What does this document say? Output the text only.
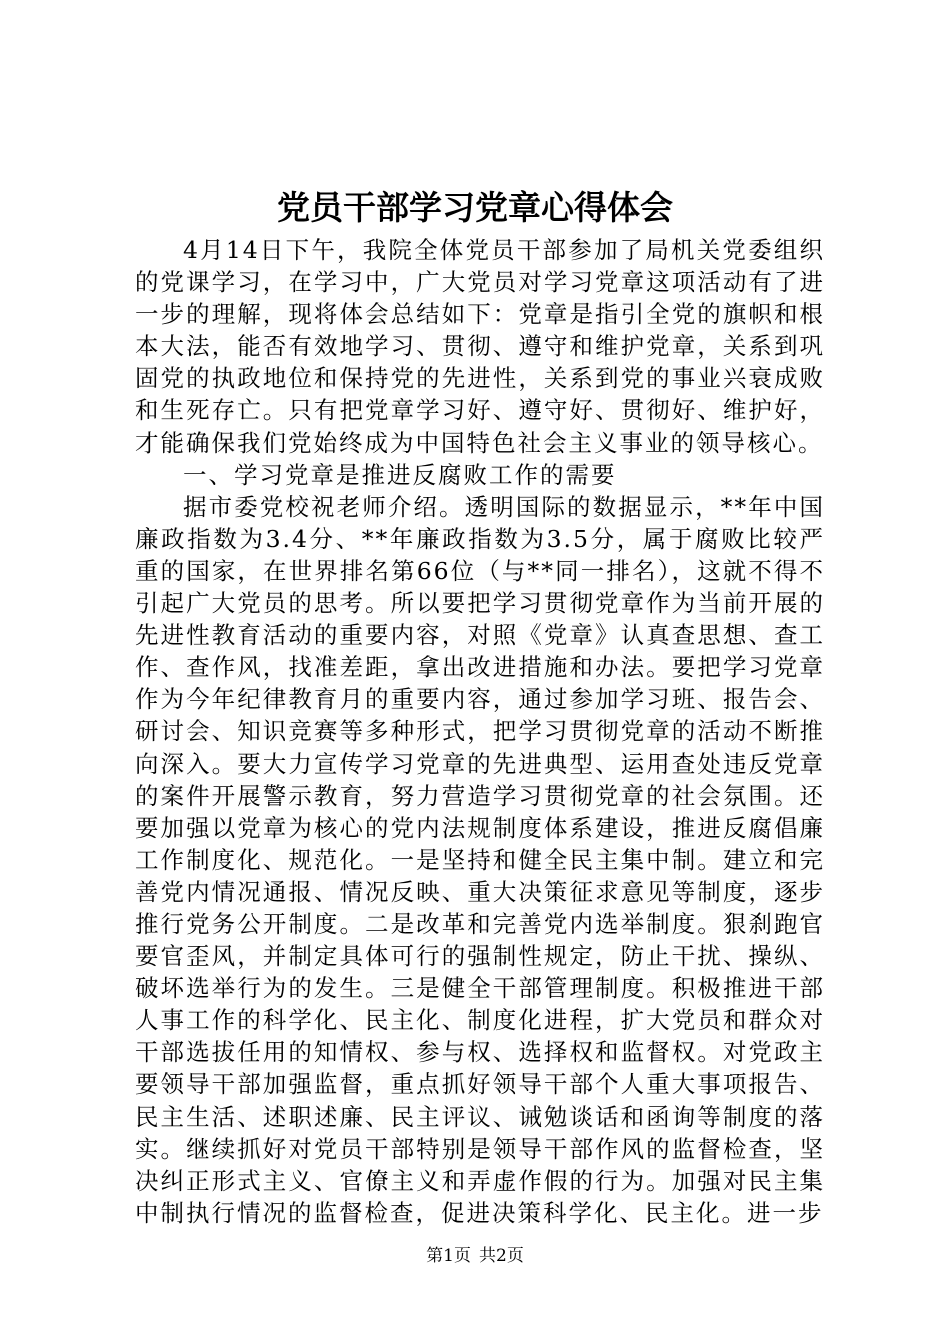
党员干部学习党章心得体会

4月14日下午，我院全体党员干部参加了局机关党委组织的党课学习，在学习中，广大党员对学习党章这项活动有了进一步的理解，现将体会总结如下：党章是指引全党的旗帜和根本大法，能否有效地学习、贯彻、遵守和维护党章，关系到巩固党的执政地位和保持党的先进性，关系到党的事业兴衰成败和生死存亡。只有把党章学习好、遵守好、贯彻好、维护好，才能确保我们党始终成为中国特色社会主义事业的领导核心。

一、学习党章是推进反腐败工作的需要

据市委党校祝老师介绍。透明国际的数据显示，**年中国廉政指数为3.4分、**年廉政指数为3.5分，属于腐败比较严重的国家，在世界排名第66位（与**同一排名），这就不得不引起广大党员的思考。所以要把学习贯彻党章作为当前开展的先进性教育活动的重要内容，对照《党章》认真查思想、查工作、查作风，找准差距，拿出改进措施和办法。要把学习党章作为今年纪律教育月的重要内容，通过参加学习班、报告会、研讨会、知识竞赛等多种形式，把学习贯彻党章的活动不断推向深入。要大力宣传学习党章的先进典型、运用查处违反党章的案件开展警示教育，努力营造学习贯彻党章的社会氛围。还要加强以党章为核心的党内法规制度体系建设，推进反腐倡廉工作制度化、规范化。一是坚持和健全民主集中制。建立和完善党内情况通报、情况反映、重大决策征求意见等制度，逐步推行党务公开制度。二是改革和完善党内选举制度。狠刹跑官要官歪风，并制定具体可行的强制性规定，防止干扰、操纵、破坏选举行为的发生。三是健全干部管理制度。积极推进干部人事工作的科学化、民主化、制度化进程，扩大党员和群众对干部选拔任用的知情权、参与权、选择权和监督权。对党政主要领导干部加强监督，重点抓好领导干部个人重大事项报告、民主生活、述职述廉、民主评议、诫勉谈话和函询等制度的落实。继续抓好对党员干部特别是领导干部作风的监督检查，坚决纠正形式主义、官僚主义和弄虚作假的行为。加强对民主集中制执行情况的监督检查，促进决策科学化、民主化。进一步

第1页 共2页
